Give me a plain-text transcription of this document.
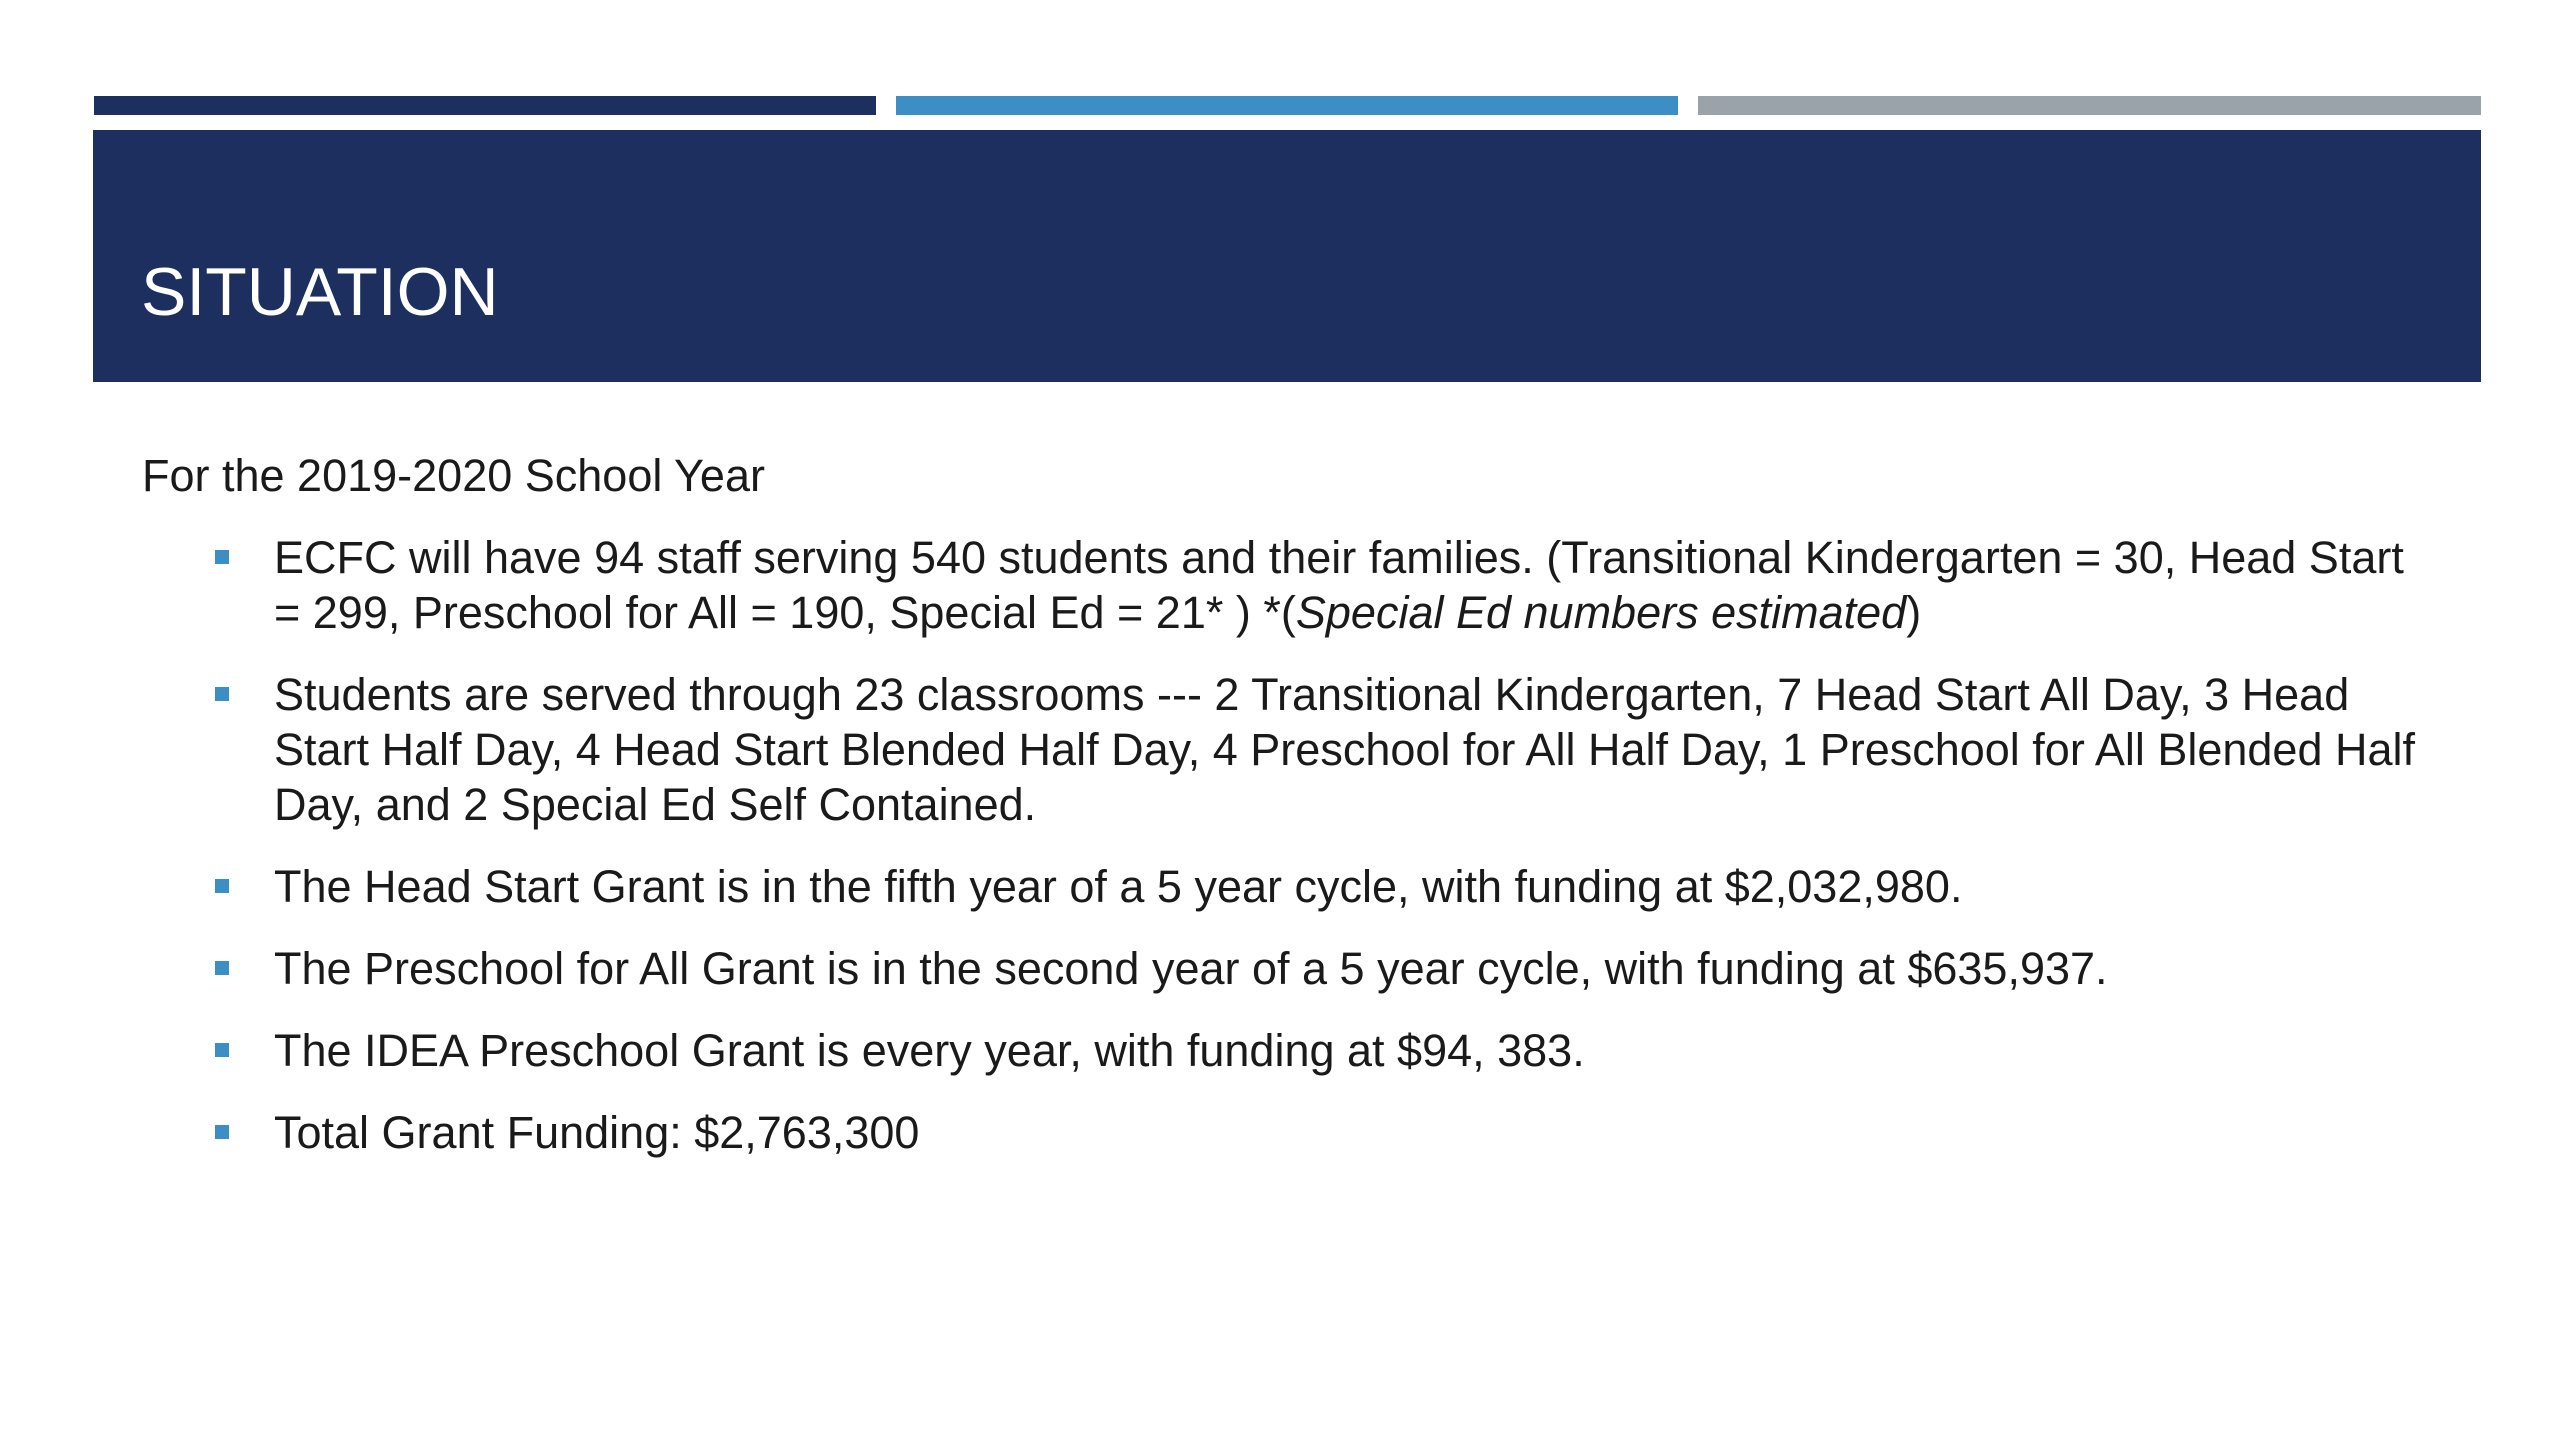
SITUATION

For the 2019-2020 School Year

ECFC will have 94 staff serving 540 students and their families. (Transitional Kindergarten = 30, Head Start = 299, Preschool for All = 190, Special Ed = 21* ) *(Special Ed numbers estimated)
Students are served through 23 classrooms --- 2 Transitional Kindergarten, 7 Head Start All Day, 3 Head Start Half Day, 4 Head Start Blended Half Day, 4 Preschool for All Half Day, 1 Preschool for All Blended Half Day, and 2 Special Ed Self Contained.
The Head Start Grant is in the fifth year of a 5 year cycle, with funding at $2,032,980.
The Preschool for All Grant is in the second year of a 5 year cycle, with funding at $635,937.
The IDEA Preschool Grant is every year, with funding at $94, 383.
Total Grant Funding: $2,763,300
